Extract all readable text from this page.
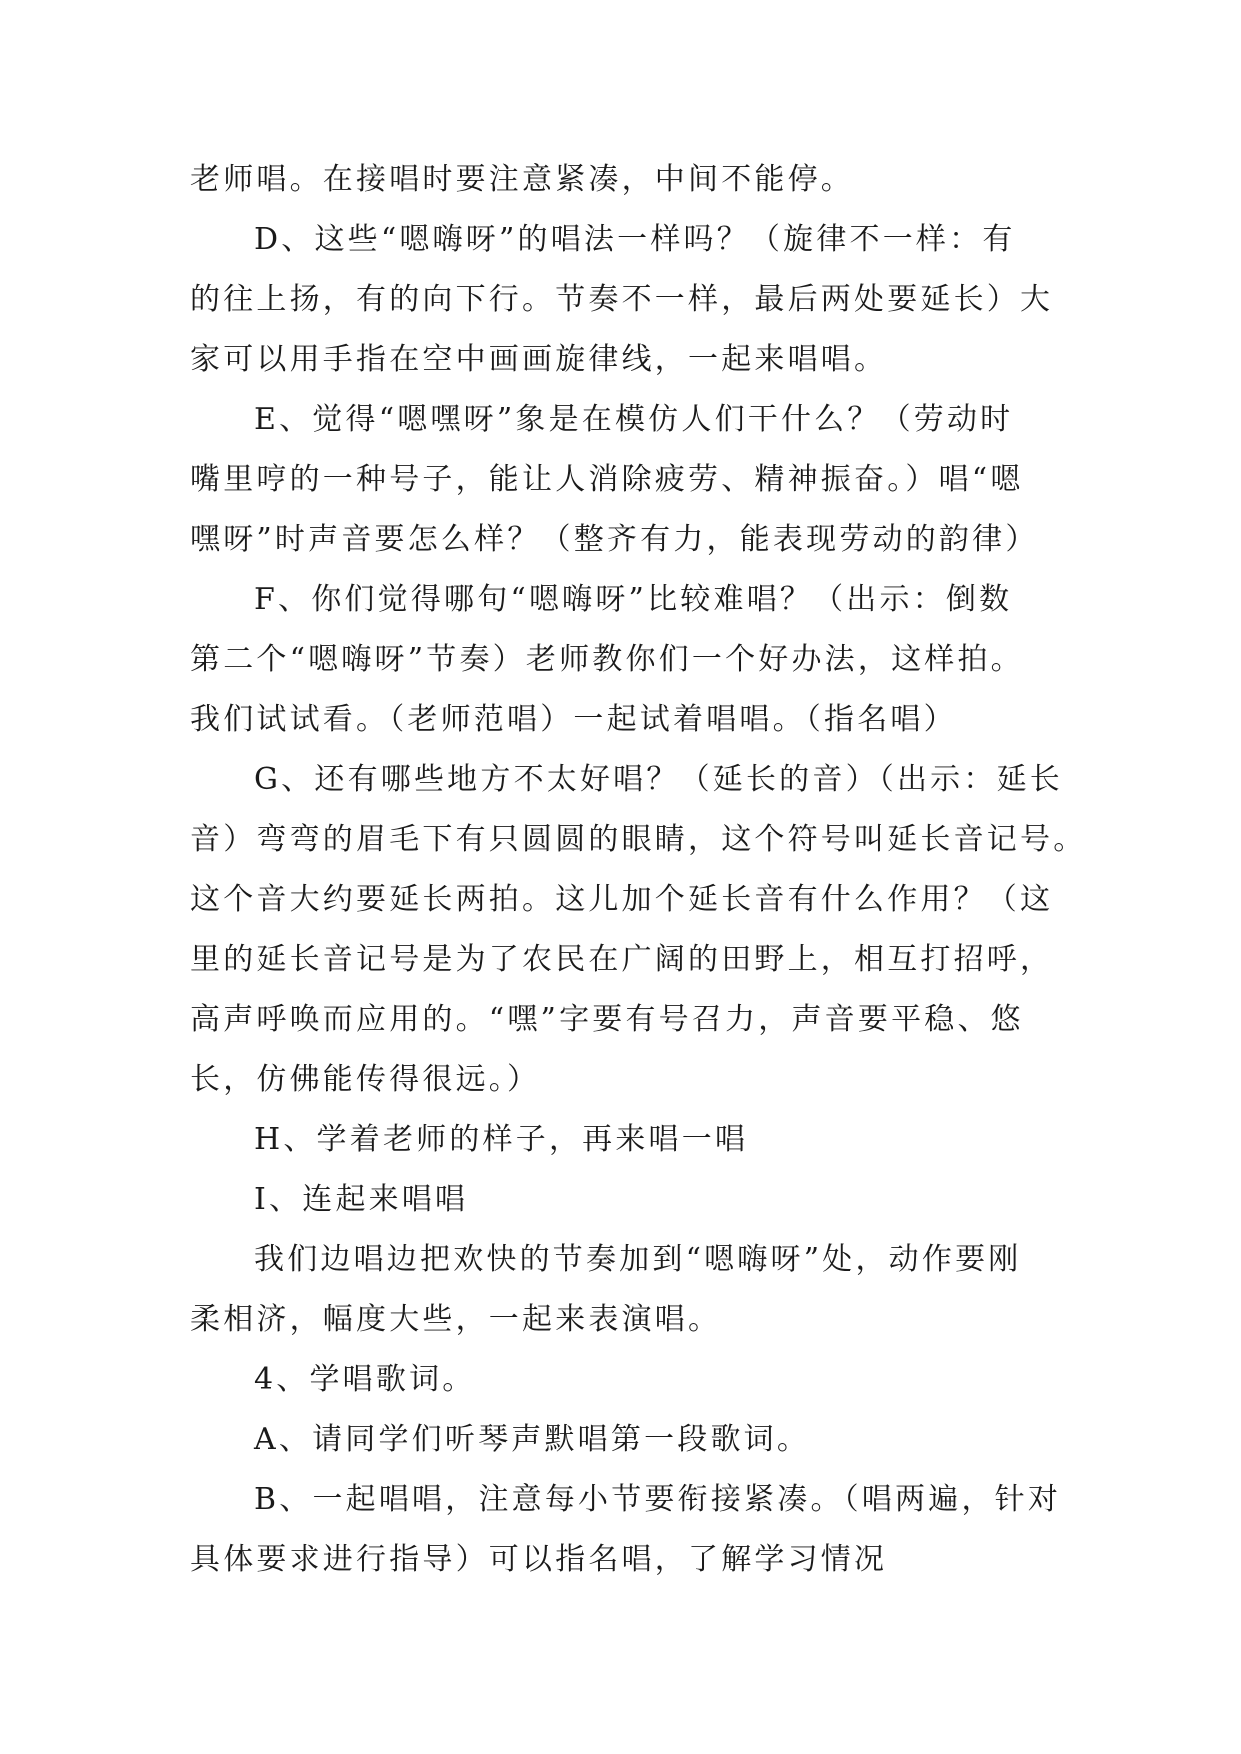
老师唱。在接唱时要注意紧凑，中间不能停。
D、这些“嗯嗨呀”的唱法一样吗？（旋律不一样：有
的往上扬，有的向下行。节奏不一样，最后两处要延长）大
家可以用手指在空中画画旋律线，一起来唱唱。
E、觉得“嗯嘿呀”象是在模仿人们干什么？（劳动时
嘴里哼的一种号子，能让人消除疲劳、精神振奋。）唱“嗯
嘿呀”时声音要怎么样？（整齐有力，能表现劳动的韵律）
F、你们觉得哪句“嗯嗨呀”比较难唱？（出示：倒数
第二个“嗯嗨呀”节奏）老师教你们一个好办法，这样拍。
我们试试看。（老师范唱）一起试着唱唱。（指名唱）
G、还有哪些地方不太好唱？（延长的音）（出示：延长
音）弯弯的眉毛下有只圆圆的眼睛，这个符号叫延长音记号。
这个音大约要延长两拍。这儿加个延长音有什么作用？（这
里的延长音记号是为了农民在广阔的田野上，相互打招呼，
高声呼唤而应用的。“嘿”字要有号召力，声音要平稳、悠
长，仿佛能传得很远。）
H、学着老师的样子，再来唱一唱
I、连起来唱唱
我们边唱边把欢快的节奏加到“嗯嗨呀”处，动作要刚
柔相济，幅度大些，一起来表演唱。
4、学唱歌词。
A、请同学们听琴声默唱第一段歌词。
B、一起唱唱，注意每小节要衔接紧凑。（唱两遍，针对
具体要求进行指导）可以指名唱，了解学习情况
